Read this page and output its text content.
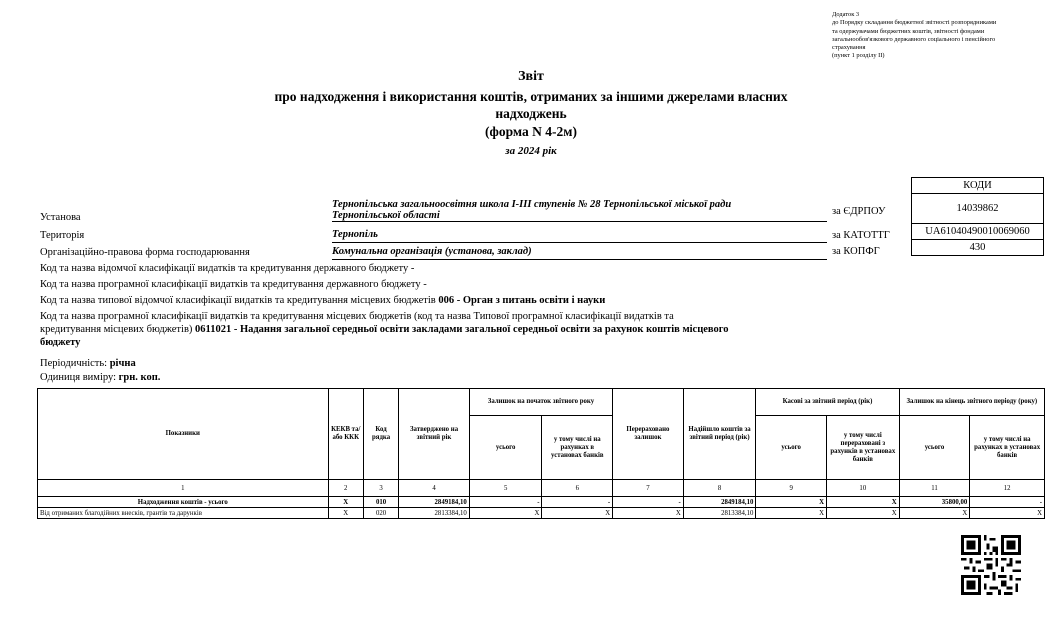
Додаток 3
до Порядку складання бюджетної звітності розпорядниками
та одержувачами бюджетних коштів, звітності фондами
загальнообов'язкового державного соціального і пенсійного
страхування
(пункт 1 розділу II)
Звіт
про надходження і використання коштів, отриманих за іншими джерелами власних
надходжень
(форма N 4-2м)
за 2024 рік
Установа
Тернопільська загальноосвітня школа І-ІІІ ступенів № 28 Тернопільської міської ради
Тернопільської області
Територія	Тернопіль
Організаційно-правова форма господарювання	Комунальна організація (установа, заклад)
КОДИ
14039862
UA61040490010069060
430
за ЄДРПОУ
за КАТОТТГ
за КОПФГ
Код та назва відомчої класифікації видатків та кредитування державного бюджету -
Код та назва програмної класифікації видатків та кредитування державного бюджету -
Код та назва типової відомчої класифікації видатків та кредитування місцевих бюджетів 006 - Орган з питань освіти і науки
Код та назва програмної класифікації видатків та кредитування місцевих бюджетів (код та назва Типової програмної класифікації видатків та
кредитування місцевих бюджетів) 0611021 - Надання загальної середньої освіти закладами загальної середньої освіти за рахунок коштів місцевого
бюджету
Періодичність: річна
Одиниця виміру: грн. коп.
Показники	КЕКВ та/або ККК	Код рядка	Затверджено на звітний рік	Залишок на початок звітного року		Перераховано залишок	Надійшло коштів за звітний період (рік)	Касові за звітний період (рік)		Залишок на кінець звітного періоду (року)	
				усього	у тому числі на рахунках в установах банків			усього	у тому числі перераховані з рахунків в установах банків	усього	у тому числі на рахунках в установах банків
1	2	3	4	5	6	7	8	9	10	11	12
Надходження коштів - усього	X	010	2849184,10	-	-	-	2849184,10	X	X	35800,00	-
Від отриманих благодійних внесків, грантів та дарунків	X	020	2813384,10	X	X	X	2813384,10	X	X	X	X
